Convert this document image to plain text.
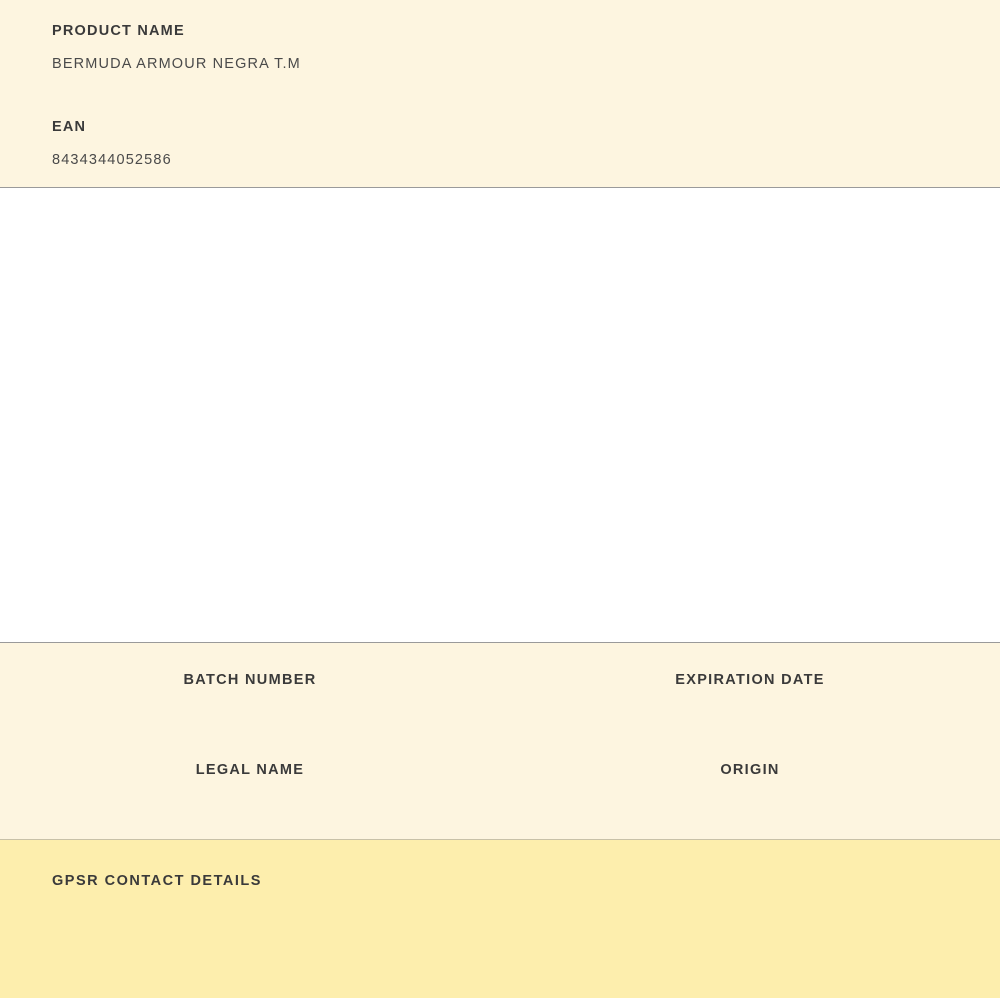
PRODUCT NAME
BERMUDA ARMOUR NEGRA T.M
EAN
8434344052586
BATCH NUMBER	EXPIRATION DATE
LEGAL NAME	ORIGIN
GPSR CONTACT DETAILS
